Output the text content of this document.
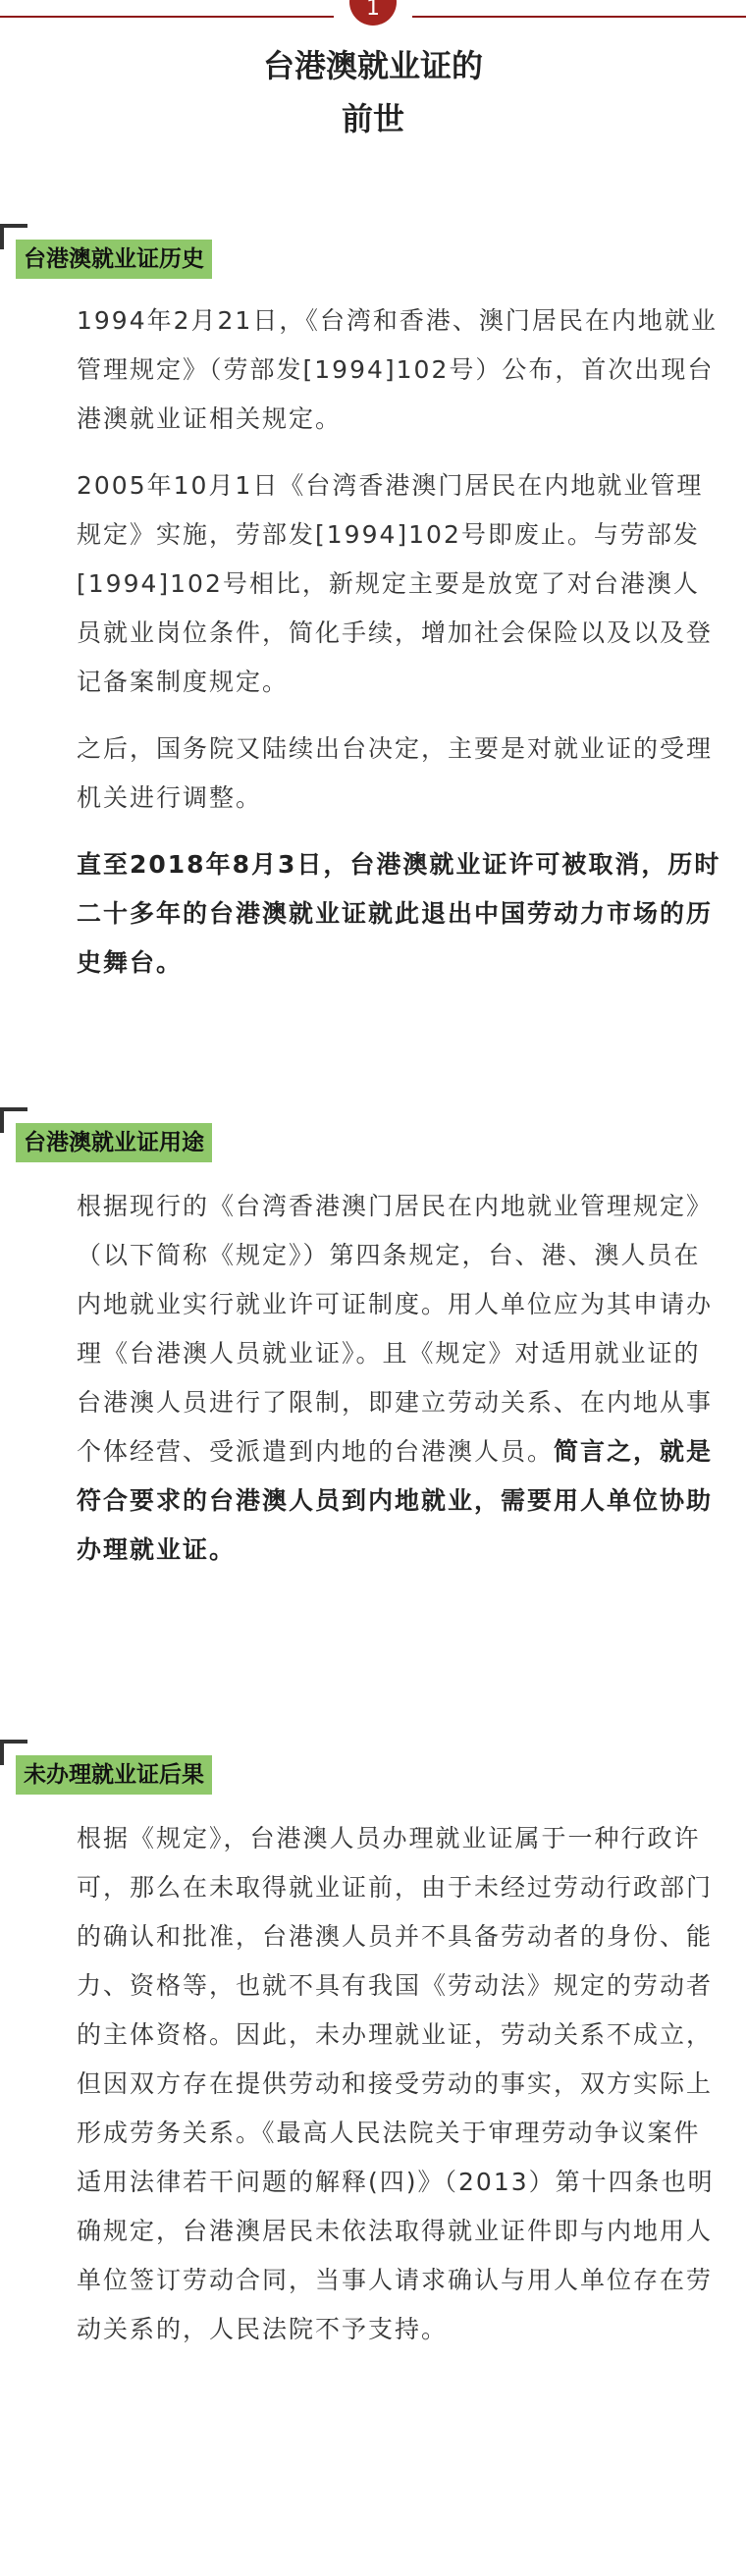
1
台港澳就业证的
前世
台港澳就业证历史

1994年2月21日，《台湾和香港、澳门居民在内地就业管理规定》（劳部发[1994]102号）公布，首次出现台港澳就业证相关规定。

2005年10月1日《台湾香港澳门居民在内地就业管理规定》实施，劳部发[1994]102号即废止。与劳部发[1994]102号相比，新规定主要是放宽了对台港澳人员就业岗位条件，简化手续，增加社会保险以及以及登记备案制度规定。

之后，国务院又陆续出台决定，主要是对就业证的受理机关进行调整。

直至2018年8月3日，台港澳就业证许可被取消，历时二十多年的台港澳就业证就此退出中国劳动力市场的历史舞台。

台港澳就业证用途

根据现行的《台湾香港澳门居民在内地就业管理规定》（以下简称《规定》）第四条规定，台、港、澳人员在内地就业实行就业许可证制度。用人单位应为其申请办理《台港澳人员就业证》。且《规定》对适用就业证的台港澳人员进行了限制，即建立劳动关系、在内地从事个体经营、受派遣到内地的台港澳人员。简言之，就是符合要求的台港澳人员到内地就业，需要用人单位协助办理就业证。

未办理就业证后果

根据《规定》，台港澳人员办理就业证属于一种行政许可，那么在未取得就业证前，由于未经过劳动行政部门的确认和批准，台港澳人员并不具备劳动者的身份、能力、资格等，也就不具有我国《劳动法》规定的劳动者的主体资格。因此，未办理就业证，劳动关系不成立，但因双方存在提供劳动和接受劳动的事实，双方实际上形成劳务关系。《最高人民法院关于审理劳动争议案件适用法律若干问题的解释(四)》（2013）第十四条也明确规定，台港澳居民未依法取得就业证件即与内地用人单位签订劳动合同，当事人请求确认与用人单位存在劳动关系的，人民法院不予支持。
